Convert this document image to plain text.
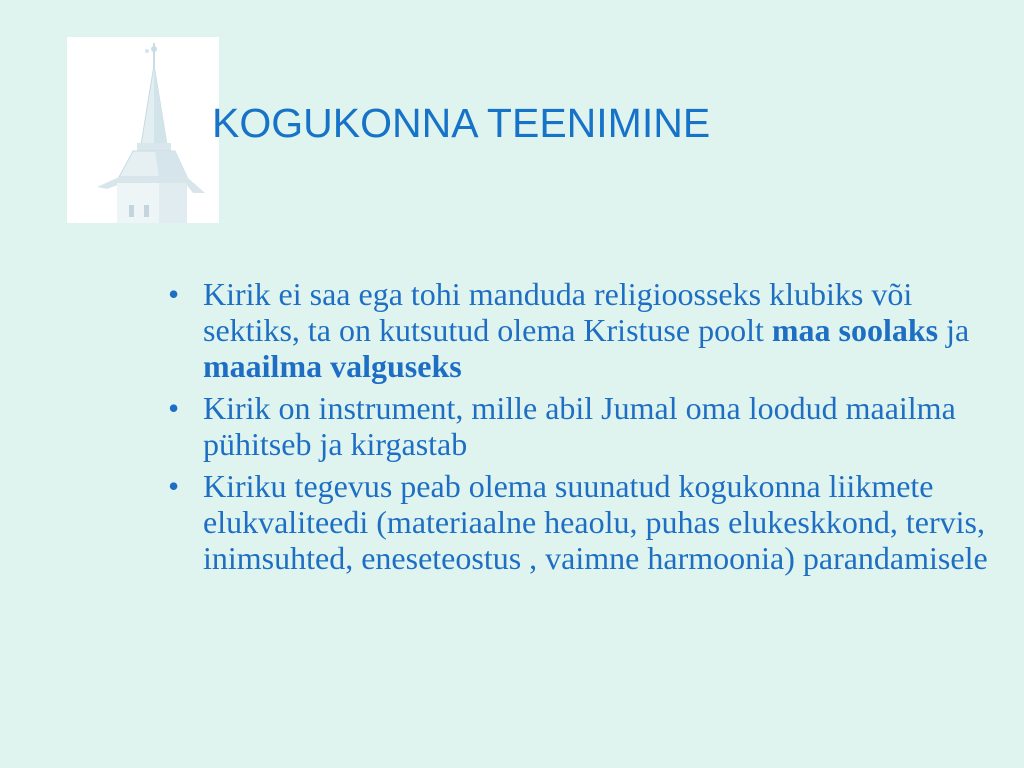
KOGUKONNA TEENIMINE
• Kirik ei saa ega tohi manduda religioosseks klubiks või sektiks, ta on kutsutud olema Kristuse poolt maa soolaks ja maailma valguseks
• Kirik on instrument, mille abil Jumal oma loodud maailma pühitseb ja kirgastab
• Kiriku tegevus peab olema suunatud kogukonna liikmete elukvaliteedi (materiaalne heaolu, puhas elukeskkond, tervis, inimsuhted, eneseteostus , vaimne harmoonia) parandamisele
